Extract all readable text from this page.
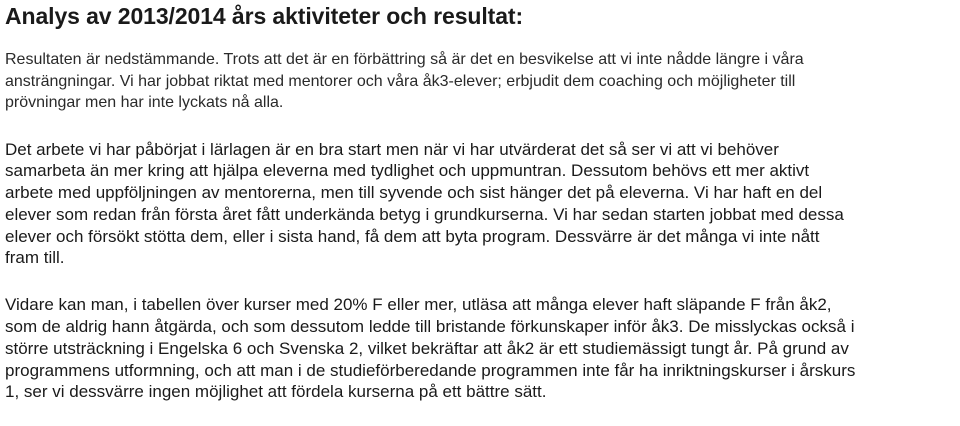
Analys av 2013/2014 års aktiviteter och resultat:
Resultaten är nedstämmande. Trots att det är en förbättring så är det en besvikelse att vi inte nådde längre i våra
ansträngningar. Vi har jobbat riktat med mentorer och våra åk3-elever; erbjudit dem coaching och möjligheter till
prövningar men har inte lyckats nå alla.
Det arbete vi har påbörjat i lärlagen är en bra start men när vi har utvärderat det så ser vi att vi behöver
samarbeta än mer kring att hjälpa eleverna med tydlighet och uppmuntran. Dessutom behövs ett mer aktivt
arbete med uppföljningen av mentorerna, men till syvende och sist hänger det på eleverna. Vi har haft en del
elever som redan från första året fått underkända betyg i grundkurserna. Vi har sedan starten jobbat med dessa
elever och försökt stötta dem, eller i sista hand, få dem att byta program. Dessvärre är det många vi inte nått
fram till.
Vidare kan man, i tabellen över kurser med 20% F eller mer, utläsa att många elever haft släpande F från åk2,
som de aldrig hann åtgärda, och som dessutom ledde till bristande förkunskaper inför åk3. De misslyckas också i
större utsträckning i Engelska 6 och Svenska 2, vilket bekräftar att åk2 är ett studiemässigt tungt år. På grund av
programmens utformning, och att man i de studieförberedande programmen inte får ha inriktningskurser i årskurs
1, ser vi dessvärre ingen möjlighet att fördela kurserna på ett bättre sätt.
